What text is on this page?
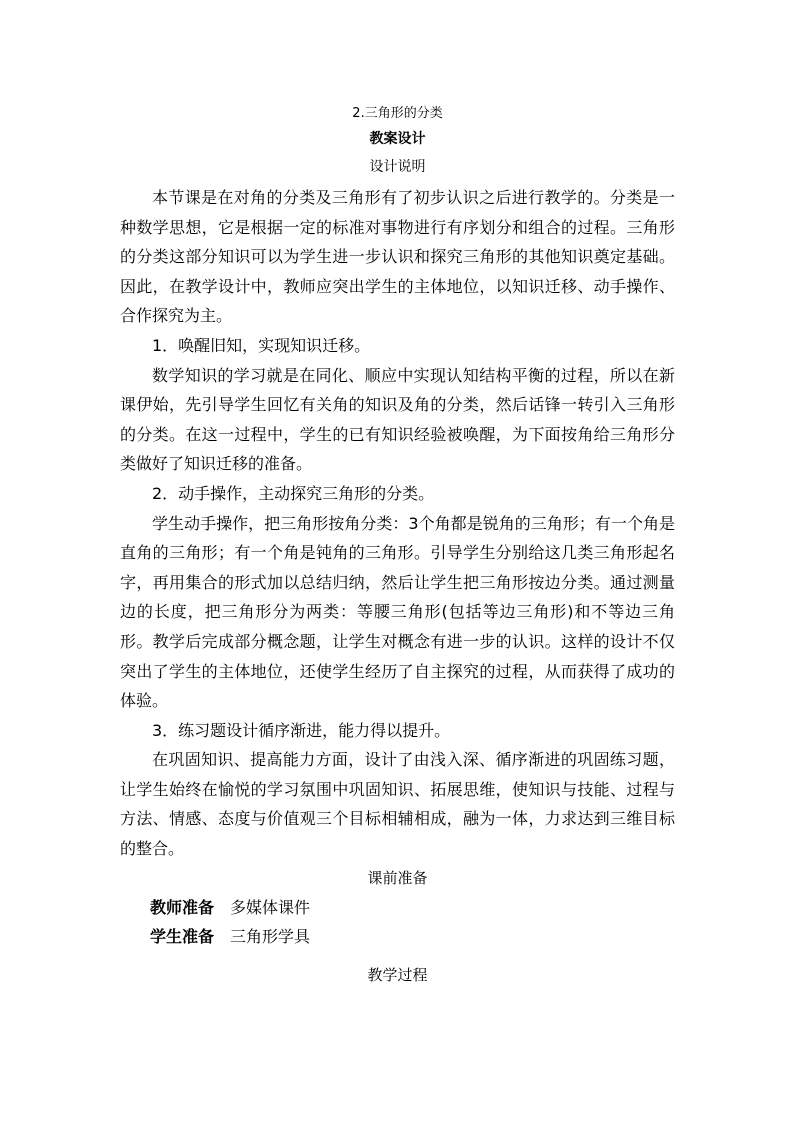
2.三角形的分类
教案设计
设计说明

本节课是在对角的分类及三角形有了初步认识之后进行教学的。分类是一种数学思想，它是根据一定的标准对事物进行有序划分和组合的过程。三角形的分类这部分知识可以为学生进一步认识和探究三角形的其他知识奠定基础。因此，在教学设计中，教师应突出学生的主体地位，以知识迁移、动手操作、合作探究为主。

1．唤醒旧知，实现知识迁移。

数学知识的学习就是在同化、顺应中实现认知结构平衡的过程，所以在新课伊始，先引导学生回忆有关角的知识及角的分类，然后话锋一转引入三角形的分类。在这一过程中，学生的已有知识经验被唤醒，为下面按角给三角形分类做好了知识迁移的准备。

2．动手操作，主动探究三角形的分类。

学生动手操作，把三角形按角分类：3个角都是锐角的三角形；有一个角是直角的三角形；有一个角是钝角的三角形。引导学生分别给这几类三角形起名字，再用集合的形式加以总结归纳，然后让学生把三角形按边分类。通过测量边的长度，把三角形分为两类：等腰三角形(包括等边三角形)和不等边三角形。教学后完成部分概念题，让学生对概念有进一步的认识。这样的设计不仅突出了学生的主体地位，还使学生经历了自主探究的过程，从而获得了成功的体验。

3．练习题设计循序渐进，能力得以提升。

在巩固知识、提高能力方面，设计了由浅入深、循序渐进的巩固练习题，让学生始终在愉悦的学习氛围中巩固知识、拓展思维，使知识与技能、过程与方法、情感、态度与价值观三个目标相辅相成，融为一体，力求达到三维目标的整合。

课前准备
教师准备 多媒体课件
学生准备 三角形学具
教学过程
